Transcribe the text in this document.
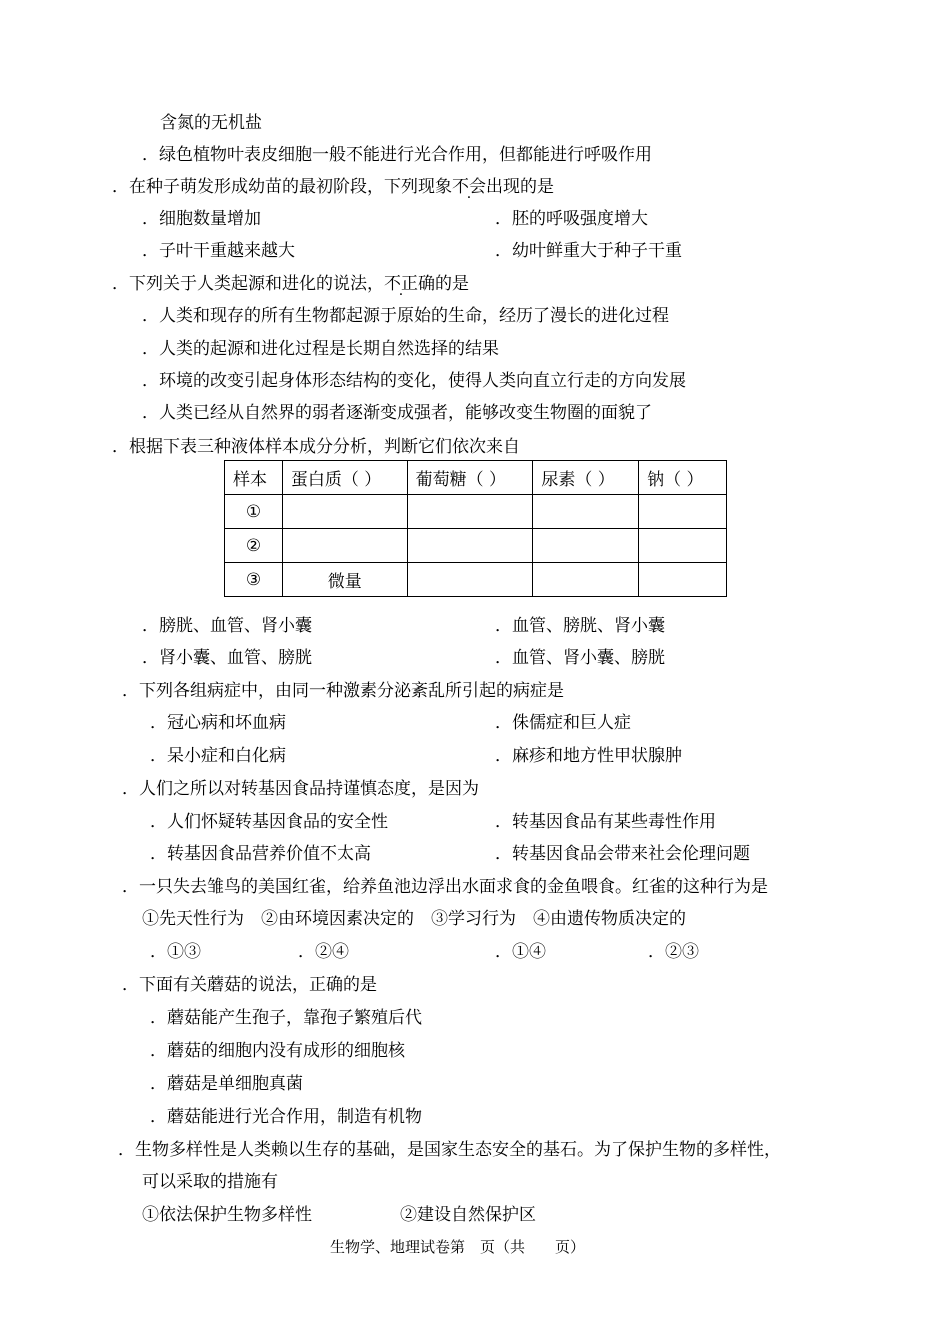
含氮的无机盐
．绿色植物叶表皮细胞一般不能进行光合作用，但都能进行呼吸作用
．在种子萌发形成幼苗的最初阶段，下列现象不会出现的是
．细胞数量增加	．胚的呼吸强度增大
．子叶干重越来越大	．幼叶鲜重大于种子干重
．下列关于人类起源和进化的说法，不正确的是
．人类和现存的所有生物都起源于原始的生命，经历了漫长的进化过程
．人类的起源和进化过程是长期自然选择的结果
．环境的改变引起身体形态结构的变化，使得人类向直立行走的方向发展
．人类已经从自然界的弱者逐渐变成强者，能够改变生物圈的面貌了
．根据下表三种液体样本成分分析，判断它们依次来自
样本	蛋白质（ ）	葡萄糖（ ）	尿素（ ）	钠（ ）
①				
②				
③	微量			
．膀胱、血管、肾小囊	．血管、膀胱、肾小囊
．肾小囊、血管、膀胱	．血管、肾小囊、膀胱
．下列各组病症中，由同一种激素分泌紊乱所引起的病症是
．冠心病和坏血病	．侏儒症和巨人症
．呆小症和白化病	．麻疹和地方性甲状腺肿
．人们之所以对转基因食品持谨慎态度，是因为
．人们怀疑转基因食品的安全性	．转基因食品有某些毒性作用
．转基因食品营养价值不太高	．转基因食品会带来社会伦理问题
．一只失去雏鸟的美国红雀，给养鱼池边浮出水面求食的金鱼喂食。红雀的这种行为是
①先天性行为　②由环境因素决定的　③学习行为　④由遗传物质决定的
．①③	．②④	．①④	．②③
．下面有关蘑菇的说法，正确的是
．蘑菇能产生孢子，靠孢子繁殖后代
．蘑菇的细胞内没有成形的细胞核
．蘑菇是单细胞真菌
．蘑菇能进行光合作用，制造有机物
．生物多样性是人类赖以生存的基础，是国家生态安全的基石。为了保护生物的多样性，
可以采取的措施有
①依法保护生物多样性	②建设自然保护区
生物学、地理试卷第　页（共　　页）
